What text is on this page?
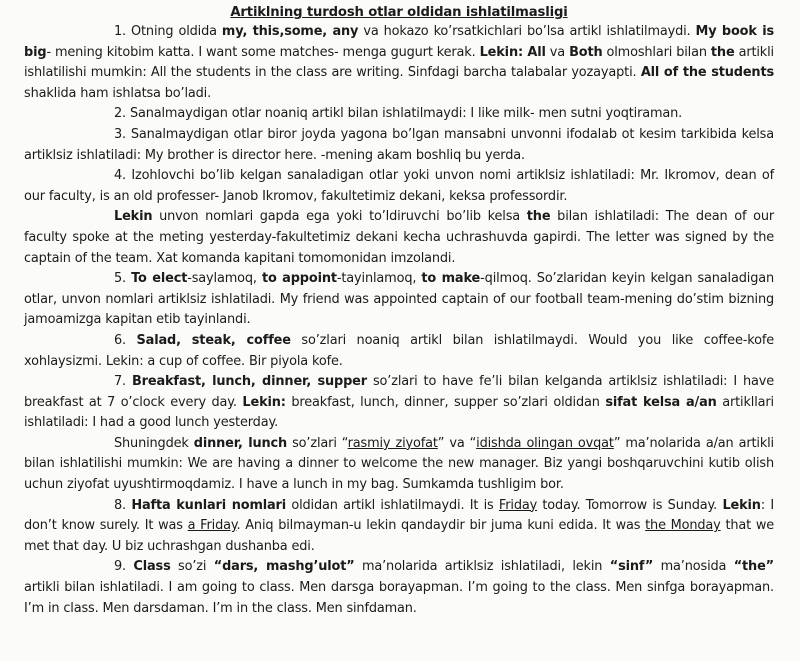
Artiklning turdosh otlar oldidan ishlatilmasligi

1. Otning oldida my, this,some, any va hokazo ko’rsatkichlari bo’lsa artikl ishlatilmaydi. My book is big- mening kitobim katta. I want some matches- menga gugurt kerak. Lekin: All va Both olmoshlari bilan the artikli ishlatilishi mumkin: All the students in the class are writing. Sinfdagi barcha talabalar yozayapti. All of the students shaklida ham ishlatsa bo’ladi.

2. Sanalmaydigan otlar noaniq artikl bilan ishlatilmaydi: I like milk- men sutni yoqtiraman.

3. Sanalmaydigan otlar biror joyda yagona bo’lgan mansabni unvonni ifodalab ot kesim tarkibida kelsa artiklsiz ishlatiladi: My brother is director here. -mening akam boshliq bu yerda.

4. Izohlovchi bo’lib kelgan sanaladigan otlar yoki unvon nomi artiklsiz ishlatiladi: Mr. Ikromov, dean of our faculty, is an old professer- Janob Ikromov, fakultetimiz dekani, keksa professordir.

Lekin unvon nomlari gapda ega yoki to’ldiruvchi bo’lib kelsa the bilan ishlatiladi: The dean of our faculty spoke at the meting yesterday-fakultetimiz dekani kecha uchrashuvda gapirdi. The letter was signed by the captain of the team. Xat komanda kapitani tomomonidan imzolandi.

5. To elect-saylamoq, to appoint-tayinlamoq, to make-qilmoq. So’zlaridan keyin kelgan sanaladigan otlar, unvon nomlari artiklsiz ishlatiladi. My friend was appointed captain of our football team-mening do’stim bizning jamoamizga kapitan etib tayinlandi.

6. Salad, steak, coffee so’zlari noaniq artikl bilan ishlatilmaydi. Would you like coffee-kofe xohlaysizmi. Lekin: a cup of coffee. Bir piyola kofe.

7. Breakfast, lunch, dinner, supper so’zlari to have fe’li bilan kelganda artiklsiz ishlatiladi: I have breakfast at 7 o’clock every day. Lekin: breakfast, lunch, dinner, supper so’zlari oldidan sifat kelsa a/an artikllari ishlatiladi: I had a good lunch yesterday.

Shuningdek dinner, lunch so’zlari “rasmiy ziyofat” va “idishda olingan ovqat” ma’nolarida a/an artikli bilan ishlatilishi mumkin: We are having a dinner to welcome the new manager. Biz yangi boshqaruvchini kutib olish uchun ziyofat uyushtirmoqdamiz. I have a lunch in my bag. Sumkamda tushligim bor.

8. Hafta kunlari nomlari oldidan artikl ishlatilmaydi. It is Friday today. Tomorrow is Sunday. Lekin: I don’t know surely. It was a Friday. Aniq bilmayman-u lekin qandaydir bir juma kuni edida. It was the Monday that we met that day. U biz uchrashgan dushanba edi.

9. Class so’zi “dars, mashg’ulot” ma’nolarida artiklsiz ishlatiladi, lekin “sinf” ma’nosida “the” artikli bilan ishlatiladi. I am going to class. Men darsga borayapman. I’m going to the class. Men sinfga borayapman. I’m in class. Men darsdaman. I’m in the class. Men sinfdaman.
